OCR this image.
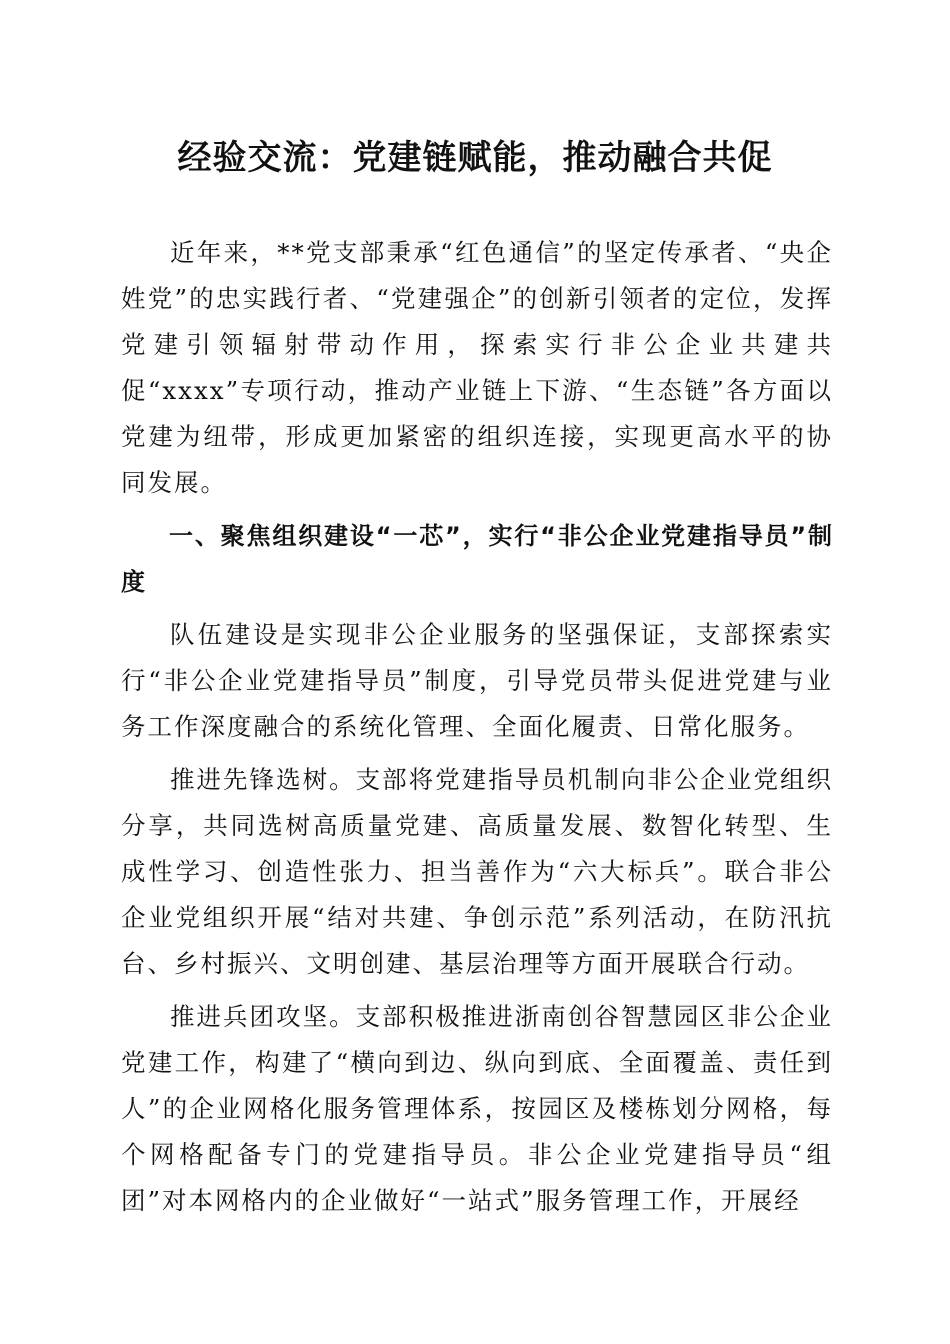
经验交流：党建链赋能，推动融合共促

近年来，**党支部秉承“红色通信”的坚定传承者、“央企姓党”的忠实践行者、“党建强企”的创新引领者的定位，发挥党建引领辐射带动作用，探索实行非公企业共建共促“xxxx”专项行动，推动产业链上下游、“生态链”各方面以党建为纽带，形成更加紧密的组织连接，实现更高水平的协同发展。

一、聚焦组织建设“一芯”，实行“非公企业党建指导员”制度

队伍建设是实现非公企业服务的坚强保证，支部探索实行“非公企业党建指导员”制度，引导党员带头促进党建与业务工作深度融合的系统化管理、全面化履责、日常化服务。

推进先锋选树。支部将党建指导员机制向非公企业党组织分享，共同选树高质量党建、高质量发展、数智化转型、生成性学习、创造性张力、担当善作为“六大标兵”。联合非公企业党组织开展“结对共建、争创示范”系列活动，在防汛抗台、乡村振兴、文明创建、基层治理等方面开展联合行动。

推进兵团攻坚。支部积极推进浙南创谷智慧园区非公企业党建工作，构建了“横向到边、纵向到底、全面覆盖、责任到人”的企业网格化服务管理体系，按园区及楼栋划分网格，每个网格配备专门的党建指导员。非公企业党建指导员“组团”对本网格内的企业做好“一站式”服务管理工作，开展经
